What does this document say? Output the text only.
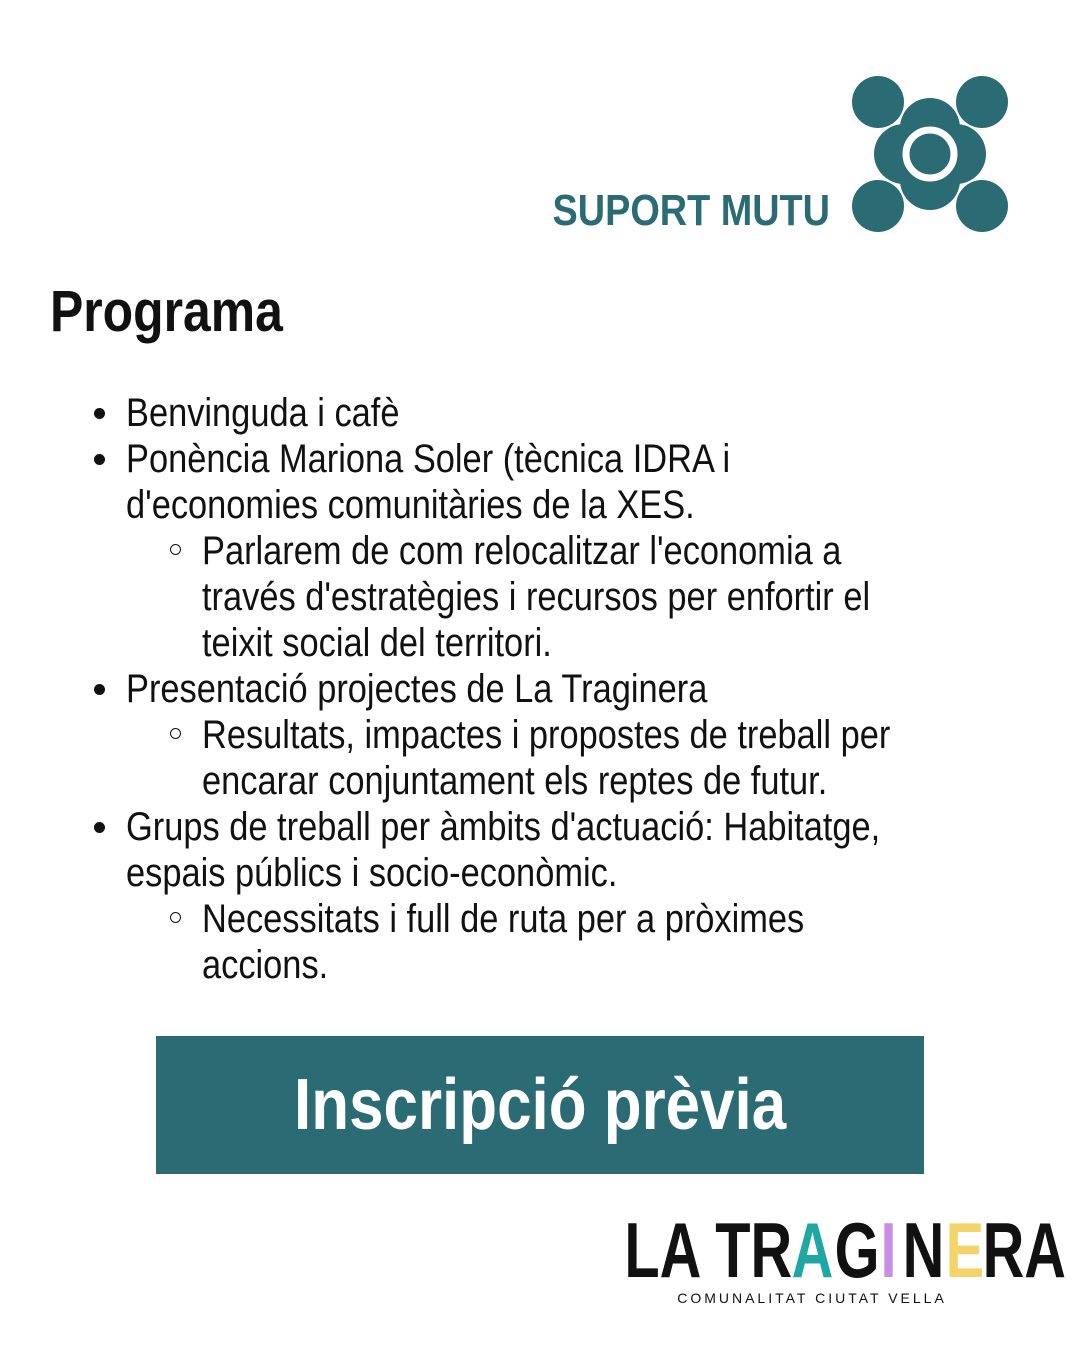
SUPORT MUTU
Programa
Benvinguda i cafè
Ponència Mariona Soler (tècnica IDRA i
d'economies comunitàries de la XES.
Parlarem de com relocalitzar l'economia a
través d'estratègies i recursos per enfortir el
teixit social del territori.
Presentació projectes de La Traginera
Resultats, impactes i propostes de treball per
encarar conjuntament els reptes de futur.
Grups de treball per àmbits d'actuació: Habitatge,
espais públics i socio-econòmic.
Necessitats i full de ruta per a pròximes
accions.
Inscripció prèvia
LA TR A G I N E
RA
COMUNALITAT CIUTAT VELLA
